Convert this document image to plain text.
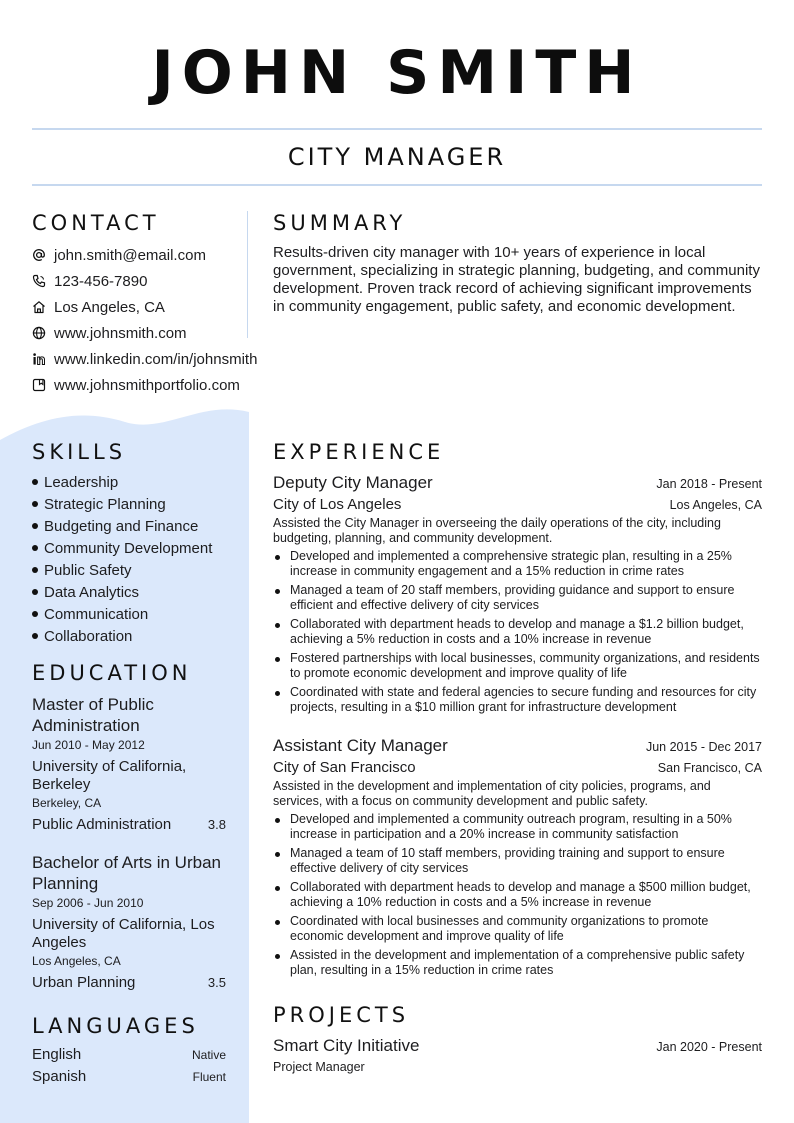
JOHN SMITH
CITY MANAGER
CONTACT
john.smith@email.com
123-456-7890
Los Angeles, CA
www.johnsmith.com
www.linkedin.com/in/johnsmith
www.johnsmithportfolio.com
SUMMARY

Results-driven city manager with 10+ years of experience in local government, specializing in strategic planning, budgeting, and community development. Proven track record of achieving significant improvements in community engagement, public safety, and economic development.

SKILLS
Leadership
Strategic Planning
Budgeting and Finance
Community Development
Public Safety
Data Analytics
Communication
Collaboration
EDUCATION
Master of Public Administration
Jun 2010 - May 2012
University of California, Berkeley
Berkeley, CA
Public Administration	3.8
Bachelor of Arts in Urban Planning
Sep 2006 - Jun 2010
University of California, Los Angeles
Los Angeles, CA
Urban Planning	3.5
LANGUAGES
English	Native
Spanish	Fluent
EXPERIENCE
Deputy City Manager	Jan 2018 - Present
City of Los Angeles	Los Angeles, CA
Assisted the City Manager in overseeing the daily operations of the city, including budgeting, planning, and community development.
Developed and implemented a comprehensive strategic plan, resulting in a 25% increase in community engagement and a 15% reduction in crime rates
Managed a team of 20 staff members, providing guidance and support to ensure efficient and effective delivery of city services
Collaborated with department heads to develop and manage a $1.2 billion budget, achieving a 5% reduction in costs and a 10% increase in revenue
Fostered partnerships with local businesses, community organizations, and residents to promote economic development and improve quality of life
Coordinated with state and federal agencies to secure funding and resources for city projects, resulting in a $10 million grant for infrastructure development
Assistant City Manager	Jun 2015 - Dec 2017
City of San Francisco	San Francisco, CA
Assisted in the development and implementation of city policies, programs, and services, with a focus on community development and public safety.
Developed and implemented a community outreach program, resulting in a 50% increase in participation and a 20% increase in community satisfaction
Managed a team of 10 staff members, providing training and support to ensure effective delivery of city services
Collaborated with department heads to develop and manage a $500 million budget, achieving a 10% reduction in costs and a 5% increase in revenue
Coordinated with local businesses and community organizations to promote economic development and improve quality of life
Assisted in the development and implementation of a comprehensive public safety plan, resulting in a 15% reduction in crime rates
PROJECTS
Smart City Initiative	Jan 2020 - Present
Project Manager
